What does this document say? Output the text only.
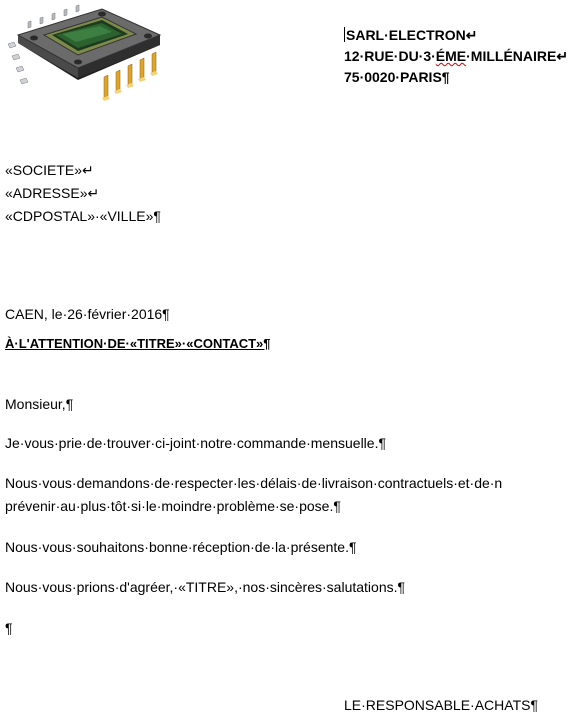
SARL·ELECTRON↵
12·RUE·DU·3·ÉME·MILLÉNAIRE↵
75·0020·PARIS¶
«SOCIETE»↵
«ADRESSE»↵
«CDPOSTAL»·«VILLE»¶
CAEN, le·26·février·2016¶
À·L'ATTENTION·DE·«TITRE»·«CONTACT»¶
Monsieur,¶
Je·vous·prie·de·trouver·ci-joint·notre·commande·mensuelle.¶
Nous·vous·demandons·de·respecter·les·délais·de·livraison·contractuels·et·de·n
prévenir·au·plus·tôt·si·le·moindre·problème·se·pose.¶
Nous·vous·souhaitons·bonne·réception·de·la·présente.¶
Nous·vous·prions·d'agréer,·«TITRE»,·nos·sincères·salutations.¶
¶
LE·RESPONSABLE·ACHATS¶
